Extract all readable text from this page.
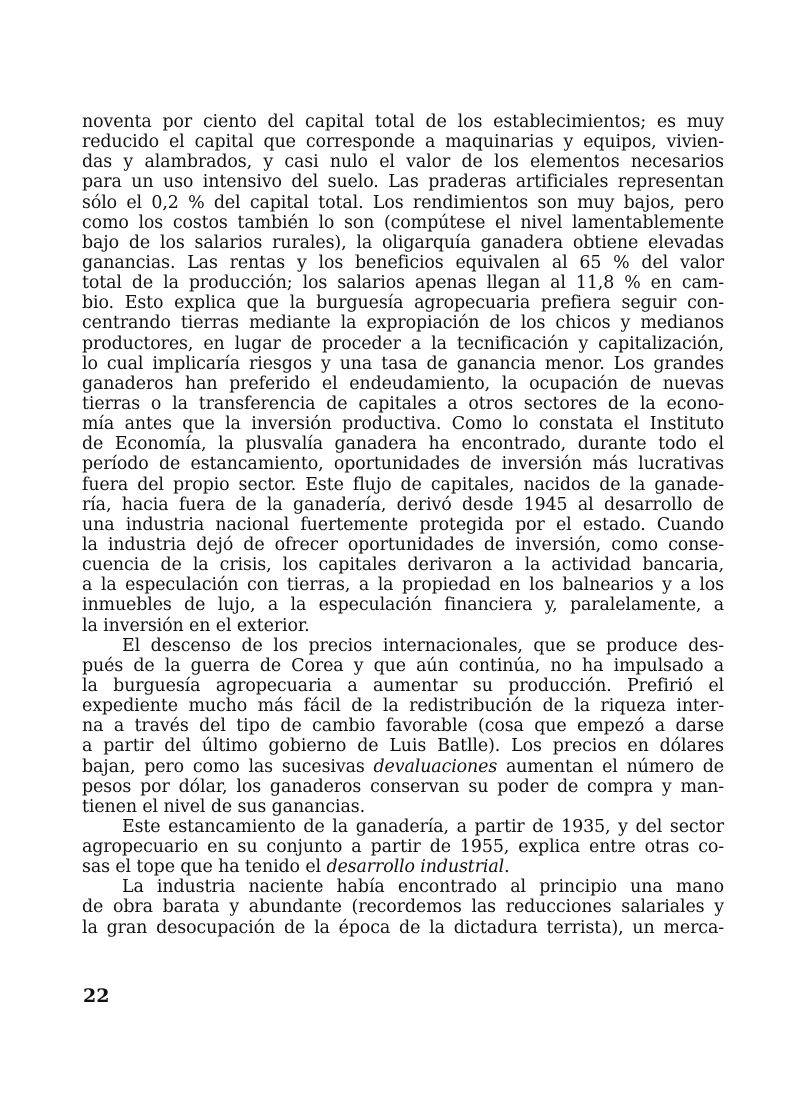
noventa por ciento del capital total de los establecimientos; es muy
reducido el capital que corresponde a maquinarias y equipos, vivien-
das y alambrados, y casi nulo el valor de los elementos necesarios
para un uso intensivo del suelo. Las praderas artificiales representan
sólo el 0,2 % del capital total. Los rendimientos son muy bajos, pero
como los costos también lo son (compútese el nivel lamentablemente
bajo de los salarios rurales), la oligarquía ganadera obtiene elevadas
ganancias. Las rentas y los beneficios equivalen al 65 % del valor
total de la producción; los salarios apenas llegan al 11,8 % en cam-
bio. Esto explica que la burguesía agropecuaria prefiera seguir con-
centrando tierras mediante la expropiación de los chicos y medianos
productores, en lugar de proceder a la tecnificación y capitalización,
lo cual implicaría riesgos y una tasa de ganancia menor. Los grandes
ganaderos han preferido el endeudamiento, la ocupación de nuevas
tierras o la transferencia de capitales a otros sectores de la econo-
mía antes que la inversión productiva. Como lo constata el Instituto
de Economía, la plusvalía ganadera ha encontrado, durante todo el
período de estancamiento, oportunidades de inversión más lucrativas
fuera del propio sector. Este flujo de capitales, nacidos de la ganade-
ría, hacia fuera de la ganadería, derivó desde 1945 al desarrollo de
una industria nacional fuertemente protegida por el estado. Cuando
la industria dejó de ofrecer oportunidades de inversión, como conse-
cuencia de la crisis, los capitales derivaron a la actividad bancaria,
a la especulación con tierras, a la propiedad en los balnearios y a los
inmuebles de lujo, a la especulación financiera y, paralelamente, a
la inversión en el exterior.
El descenso de los precios internacionales, que se produce des-
pués de la guerra de Corea y que aún continúa, no ha impulsado a
la burguesía agropecuaria a aumentar su producción. Prefirió el
expediente mucho más fácil de la redistribución de la riqueza inter-
na a través del tipo de cambio favorable (cosa que empezó a darse
a partir del último gobierno de Luis Batlle). Los precios en dólares
bajan, pero como las sucesivas devaluaciones aumentan el número de
pesos por dólar, los ganaderos conservan su poder de compra y man-
tienen el nivel de sus ganancias.
Este estancamiento de la ganadería, a partir de 1935, y del sector
agropecuario en su conjunto a partir de 1955, explica entre otras co-
sas el tope que ha tenido el desarrollo industrial.
La industria naciente había encontrado al principio una mano
de obra barata y abundante (recordemos las reducciones salariales y
la gran desocupación de la época de la dictadura terrista), un merca-
22
